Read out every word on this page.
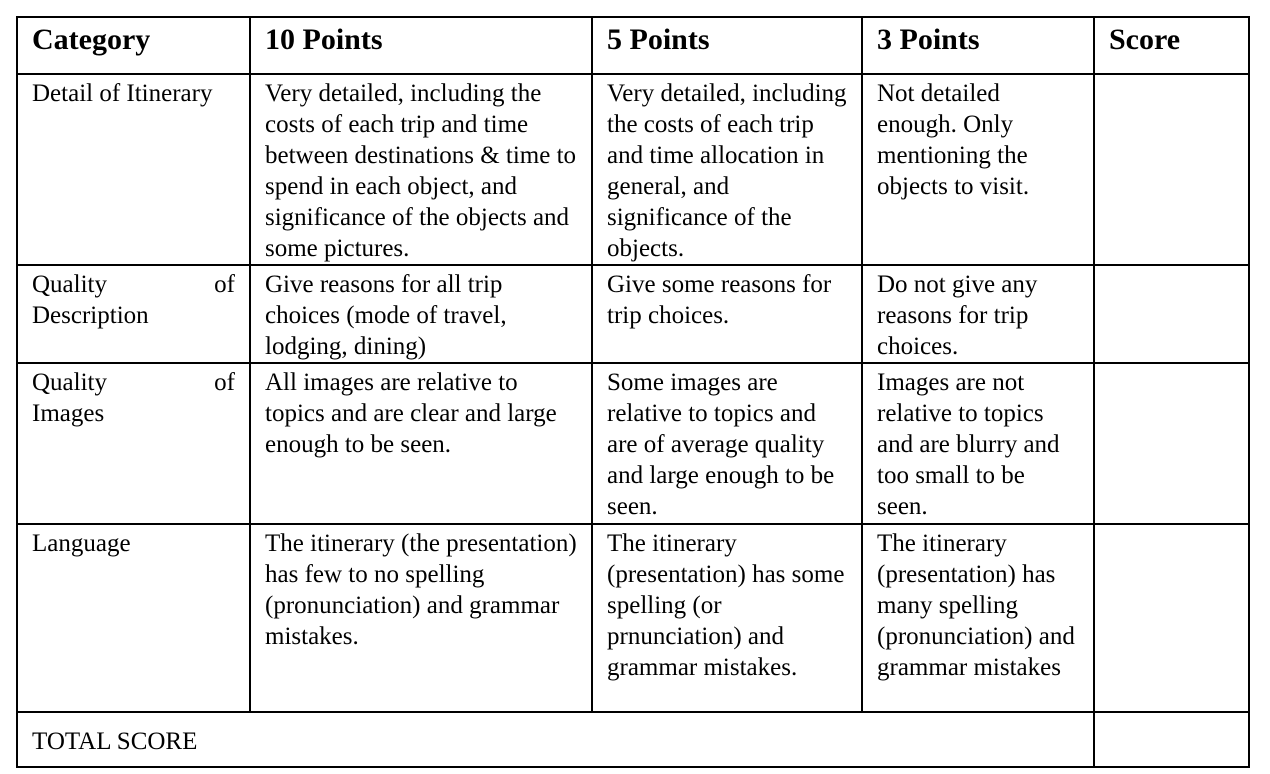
Category	10 Points	5 Points	3 Points	Score
Detail of Itinerary	Very detailed, including the costs of each trip and time between destinations & time to spend in each object, and significance of the objects and some pictures.	Very detailed, including the costs of each trip and time allocation in general, and significance of the objects.	Not detailed enough. Only mentioning the objects to visit.	

Quality of
Description	Give reasons for all trip choices (mode of travel, lodging, dining)	Give some reasons for trip choices.	Do not give any reasons for trip choices.	

Quality of
Images	All images are relative to topics and are clear and large enough to be seen.	Some images are relative to topics and are of average quality and large enough to be seen.	Images are not relative to topics and are blurry and too small to be seen.	
Language	The itinerary (the presentation) has few to no spelling (pronunciation) and grammar mistakes.	The itinerary (presentation) has some spelling (or prnunciation) and grammar mistakes.	The itinerary (presentation) has many spelling (pronunciation) and grammar mistakes	
TOTAL SCORE				
